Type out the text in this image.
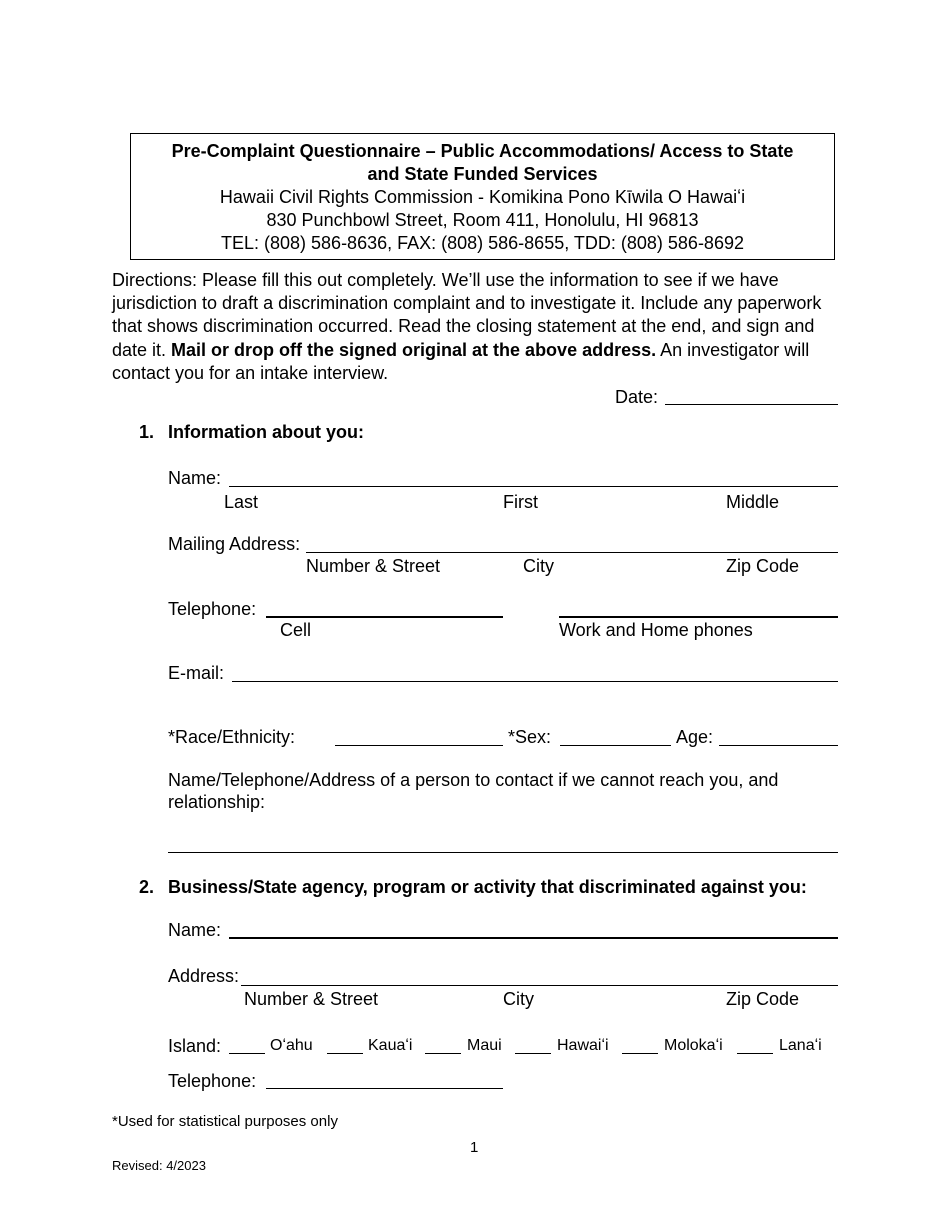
Pre-Complaint Questionnaire – Public Accommodations/ Access to State
and State Funded Services
Hawaii Civil Rights Commission - Komikina Pono Kīwila O Hawaiʻi
830 Punchbowl Street, Room 411, Honolulu, HI 96813
TEL: (808) 586-8636, FAX: (808) 586-8655, TDD: (808) 586-8692
Directions: Please fill this out completely. We’ll use the information to see if we have jurisdiction to draft a discrimination complaint and to investigate it. Include any paperwork that shows discrimination occurred. Read the closing statement at the end, and sign and date it. Mail or drop off the signed original at the above address. An investigator will contact you for an intake interview.
Date:
1. Information about you:
Name:
Last	First	Middle
Mailing Address:
Number & Street	City	Zip Code
Telephone:
Cell	Work and Home phones
E-mail:
*Race/Ethnicity:	*Sex:	Age:
Name/Telephone/Address of a person to contact if we cannot reach you, and
relationship:
2. Business/State agency, program or activity that discriminated against you:
Name:
Address:
Number & Street	City	Zip Code
Island:	Oʻahu	Kauaʻi	Maui	Hawaiʻi	Molokaʻi	Lanaʻi
Telephone:
*Used for statistical purposes only
1
Revised: 4/2023
